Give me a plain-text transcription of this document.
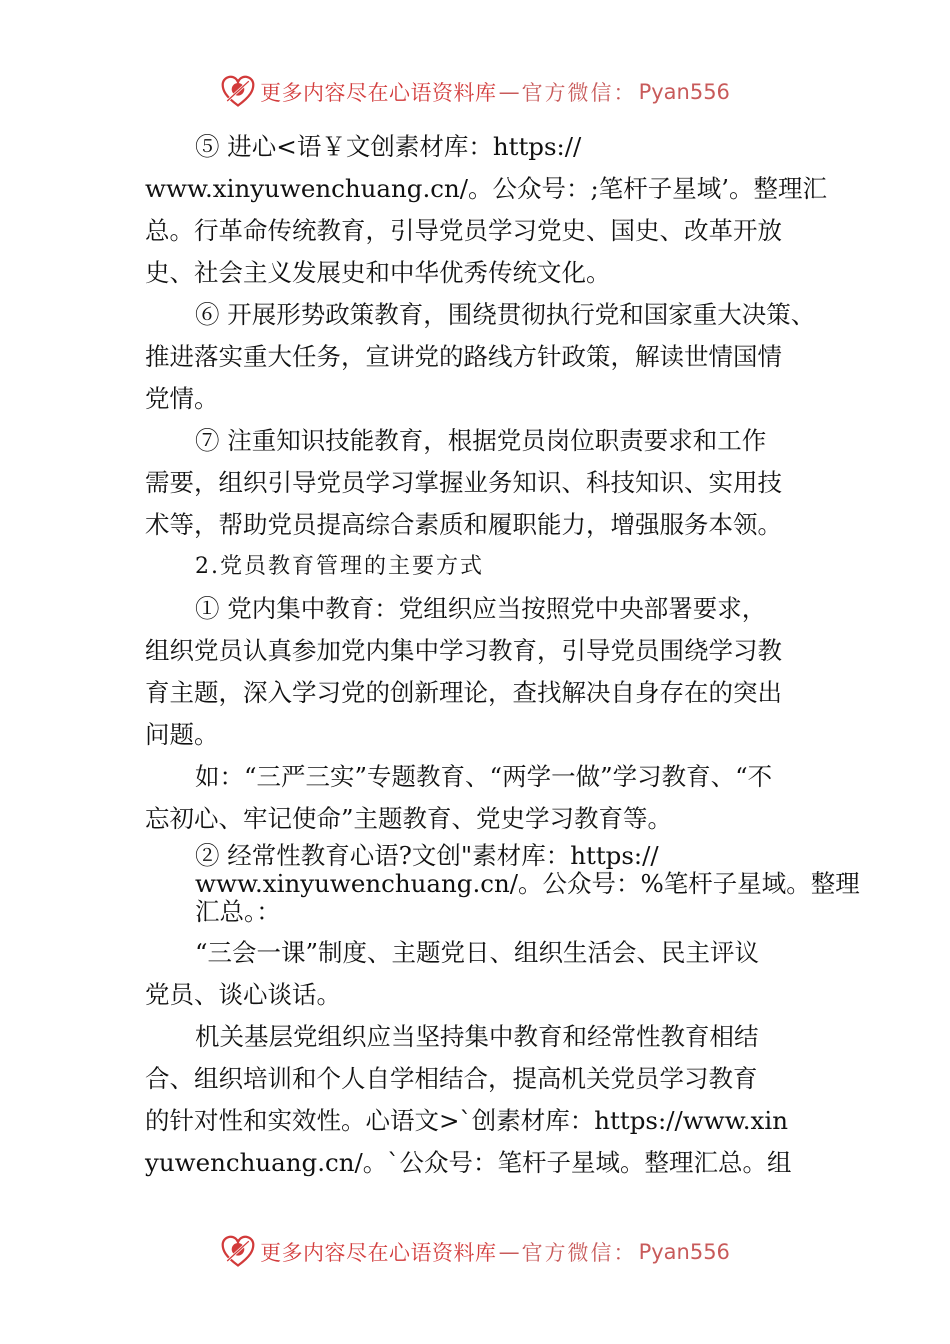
更多内容尽在心语资料库 — 官方微信： Pyan556
⑤ 进心<语￥文创素材库：https://
www.xinyuwenchuang.cn/。公众号：;笔杆子星域’。整理汇
总。行革命传统教育，引导党员学习党史、国史、改革开放
史、社会主义发展史和中华优秀传统文化。
⑥ 开展形势政策教育，围绕贯彻执行党和国家重大决策、
推进落实重大任务，宣讲党的路线方针政策，解读世情国情
党情。
⑦ 注重知识技能教育，根据党员岗位职责要求和工作
需要，组织引导党员学习掌握业务知识、科技知识、实用技
术等，帮助党员提高综合素质和履职能力，增强服务本领。
2.党员教育管理的主要方式
① 党内集中教育：党组织应当按照党中央部署要求，
组织党员认真参加党内集中学习教育，引导党员围绕学习教
育主题，深入学习党的创新理论，查找解决自身存在的突出
问题。
如：“三严三实”专题教育、“两学一做”学习教育、“不
忘初心、牢记使命”主题教育、党史学习教育等。
② 经常性教育心语?文创"素材库：https://
www.xinyuwenchuang.cn/。公众号：%笔杆子星域。整理
汇总。：
“三会一课”制度、主题党日、组织生活会、民主评议
党员、谈心谈话。
机关基层党组织应当坚持集中教育和经常性教育相结
合、组织培训和个人自学相结合，提高机关党员学习教育
的针对性和实效性。心语文>`创素材库：https://www.xin
yuwenchuang.cn/。`公众号：笔杆子星域。整理汇总。组
更多内容尽在心语资料库 — 官方微信： Pyan556
